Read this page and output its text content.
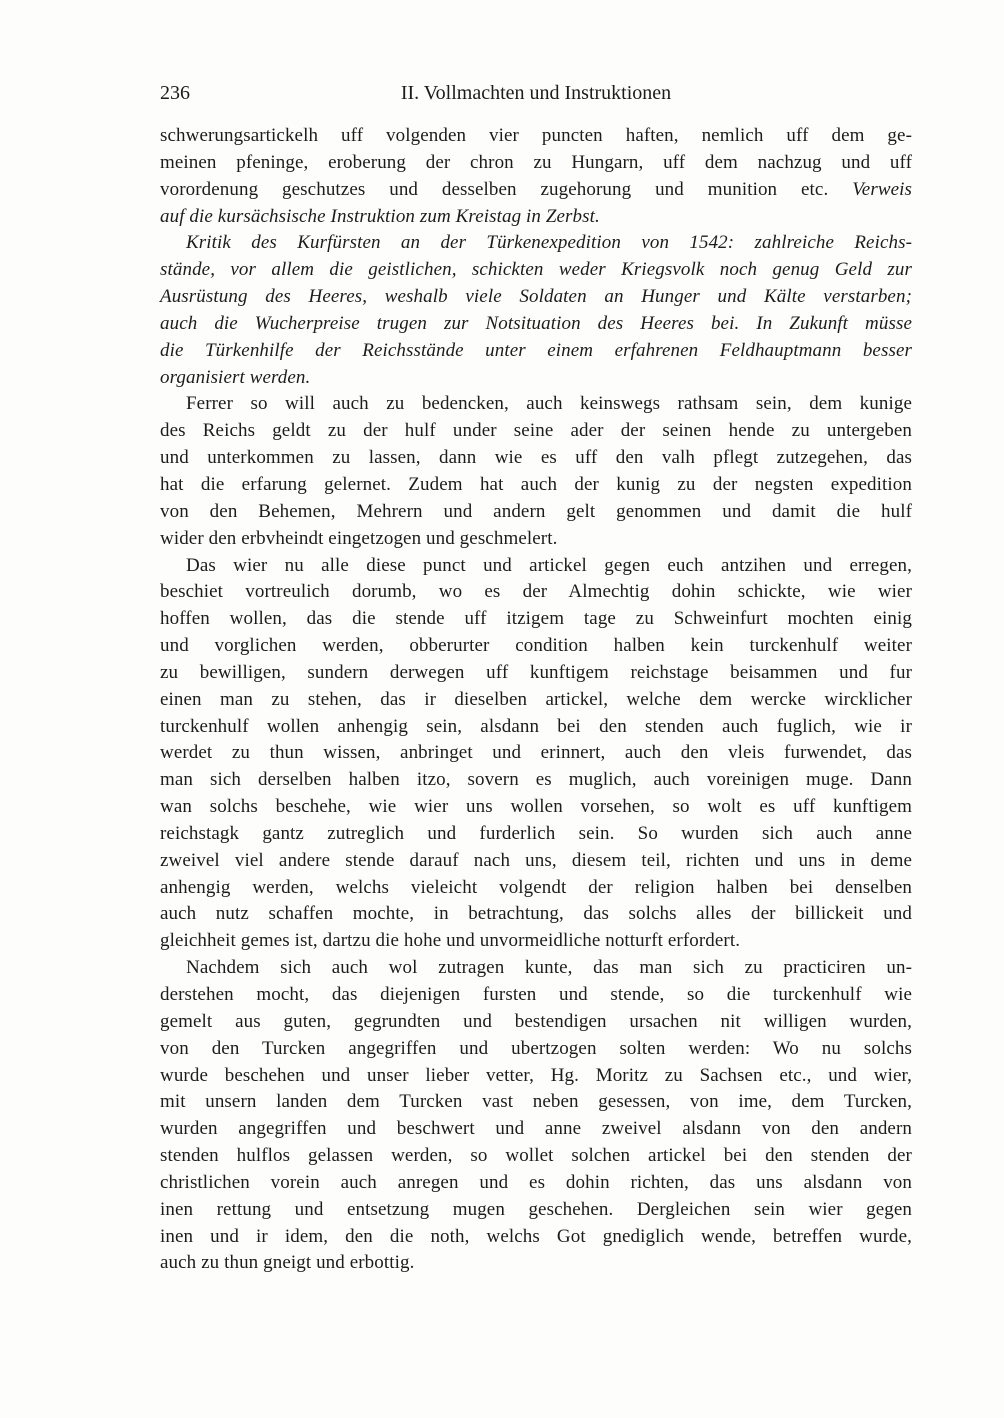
236	II. Vollmachten und Instruktionen
schwerungsartickelh uff volgenden vier puncten haften, nemlich uff dem ge-
meinen pfeninge, eroberung der chron zu Hungarn, uff dem nachzug und uff
vorordenung geschutzes und desselben zugehorung und munition etc. Verweis
auf die kursächsische Instruktion zum Kreistag in Zerbst.
Kritik des Kurfürsten an der Türkenexpedition von 1542: zahlreiche Reichs-
stände, vor allem die geistlichen, schickten weder Kriegsvolk noch genug Geld zur
Ausrüstung des Heeres, weshalb viele Soldaten an Hunger und Kälte verstarben;
auch die Wucherpreise trugen zur Notsituation des Heeres bei. In Zukunft müsse
die Türkenhilfe der Reichsstände unter einem erfahrenen Feldhauptmann besser
organisiert werden.
Ferrer so will auch zu bedencken, auch keinswegs rathsam sein, dem kunige
des Reichs geldt zu der hulf under seine ader der seinen hende zu untergeben
und unterkommen zu lassen, dann wie es uff den valh pflegt zutzegehen, das
hat die erfarung gelernet. Zudem hat auch der kunig zu der negsten expedition
von den Behemen, Mehrern und andern gelt genommen und damit die hulf
wider den erbvheindt eingetzogen und geschmelert.
Das wier nu alle diese punct und artickel gegen euch antzihen und erregen,
beschiet vortreulich dorumb, wo es der Almechtig dohin schickte, wie wier
hoffen wollen, das die stende uff itzigem tage zu Schweinfurt mochten einig
und vorglichen werden, obberurter condition halben kein turckenhulf weiter
zu bewilligen, sundern derwegen uff kunftigem reichstage beisammen und fur
einen man zu stehen, das ir dieselben artickel, welche dem wercke wircklicher
turckenhulf wollen anhengig sein, alsdann bei den stenden auch fuglich, wie ir
werdet zu thun wissen, anbringet und erinnert, auch den vleis furwendet, das
man sich derselben halben itzo, sovern es muglich, auch voreinigen muge. Dann
wan solchs beschehe, wie wier uns wollen vorsehen, so wolt es uff kunftigem
reichstagk gantz zutreglich und furderlich sein. So wurden sich auch anne
zweivel viel andere stende darauf nach uns, diesem teil, richten und uns in deme
anhengig werden, welchs vieleicht volgendt der religion halben bei denselben
auch nutz schaffen mochte, in betrachtung, das solchs alles der billickeit und
gleichheit gemes ist, dartzu die hohe und unvormeidliche notturft erfordert.
Nachdem sich auch wol zutragen kunte, das man sich zu practiciren un-
derstehen mocht, das diejenigen fursten und stende, so die turckenhulf wie
gemelt aus guten, gegrundten und bestendigen ursachen nit willigen wurden,
von den Turcken angegriffen und ubertzogen solten werden: Wo nu solchs
wurde beschehen und unser lieber vetter, Hg. Moritz zu Sachsen etc., und wier,
mit unsern landen dem Turcken vast neben gesessen, von ime, dem Turcken,
wurden angegriffen und beschwert und anne zweivel alsdann von den andern
stenden hulflos gelassen werden, so wollet solchen artickel bei den stenden der
christlichen vorein auch anregen und es dohin richten, das uns alsdann von
inen rettung und entsetzung mugen geschehen. Dergleichen sein wier gegen
inen und ir idem, den die noth, welchs Got gnediglich wende, betreffen wurde,
auch zu thun gneigt und erbottig.
